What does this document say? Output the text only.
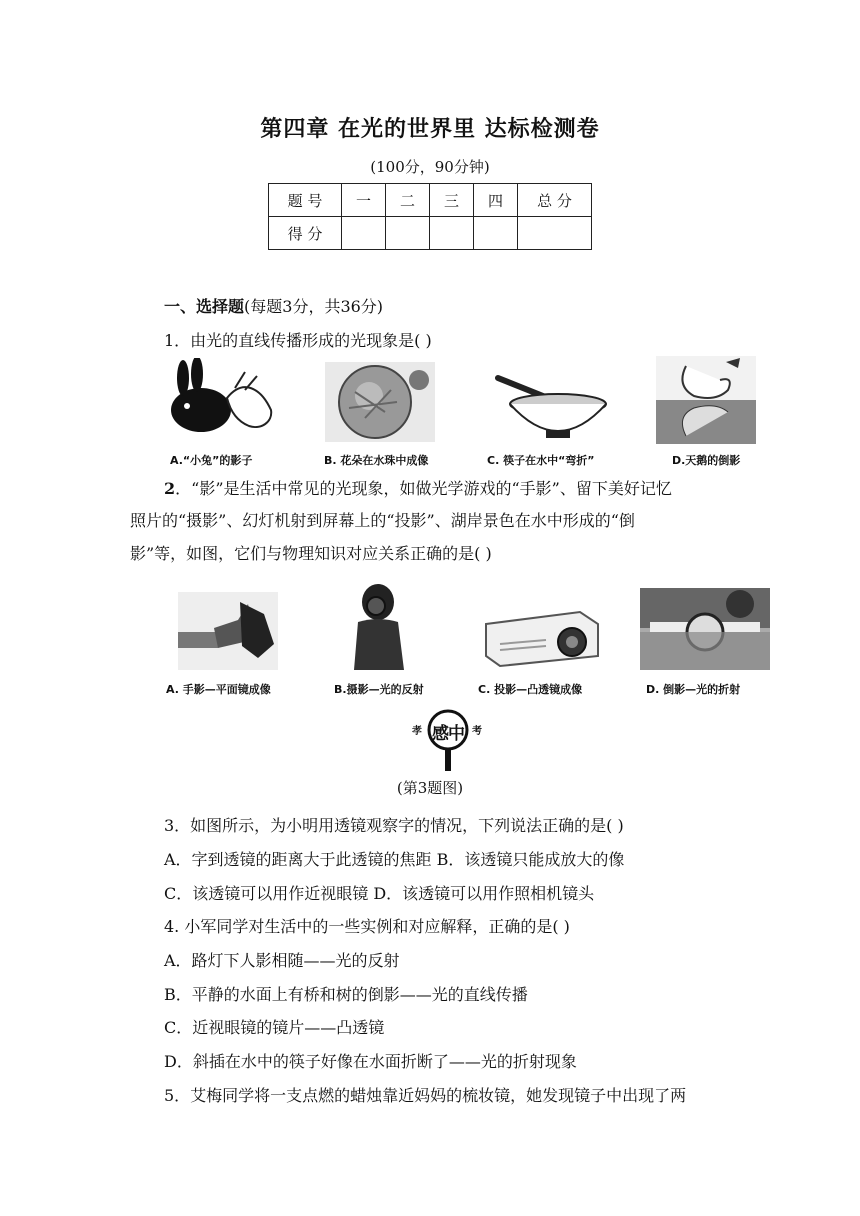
第四章 在光的世界里 达标检测卷
(100分，90分钟)
题 号	一	二	三	四	总 分
得 分					
一、选择题(每题3分，共36分)
1．由光的直线传播形成的光现象是( )
A.“小兔”的影子	B. 花朵在水珠中成像	C. 筷子在水中“弯折”	D.天鹅的倒影
2．“影”是生活中常见的光现象，如做光学游戏的“手影”、留下美好记忆
照片的“摄影”、幻灯机射到屏幕上的“投影”、湖岸景色在水中形成的“倒
影”等，如图，它们与物理知识对应关系正确的是( )
A. 手影—平面镜成像	B.摄影—光的反射	C. 投影—凸透镜成像	D. 倒影—光的折射
孝	考
感中
(第3题图)
3．如图所示，为小明用透镜观察字的情况，下列说法正确的是( )
A．字到透镜的距离大于此透镜的焦距 B．该透镜只能成放大的像
C．该透镜可以用作近视眼镜 D．该透镜可以用作照相机镜头
4. 小军同学对生活中的一些实例和对应解释，正确的是( )
A．路灯下人影相随——光的反射
B．平静的水面上有桥和树的倒影——光的直线传播
C．近视眼镜的镜片——凸透镜
D．斜插在水中的筷子好像在水面折断了——光的折射现象
5．艾梅同学将一支点燃的蜡烛靠近妈妈的梳妆镜，她发现镜子中出现了两
